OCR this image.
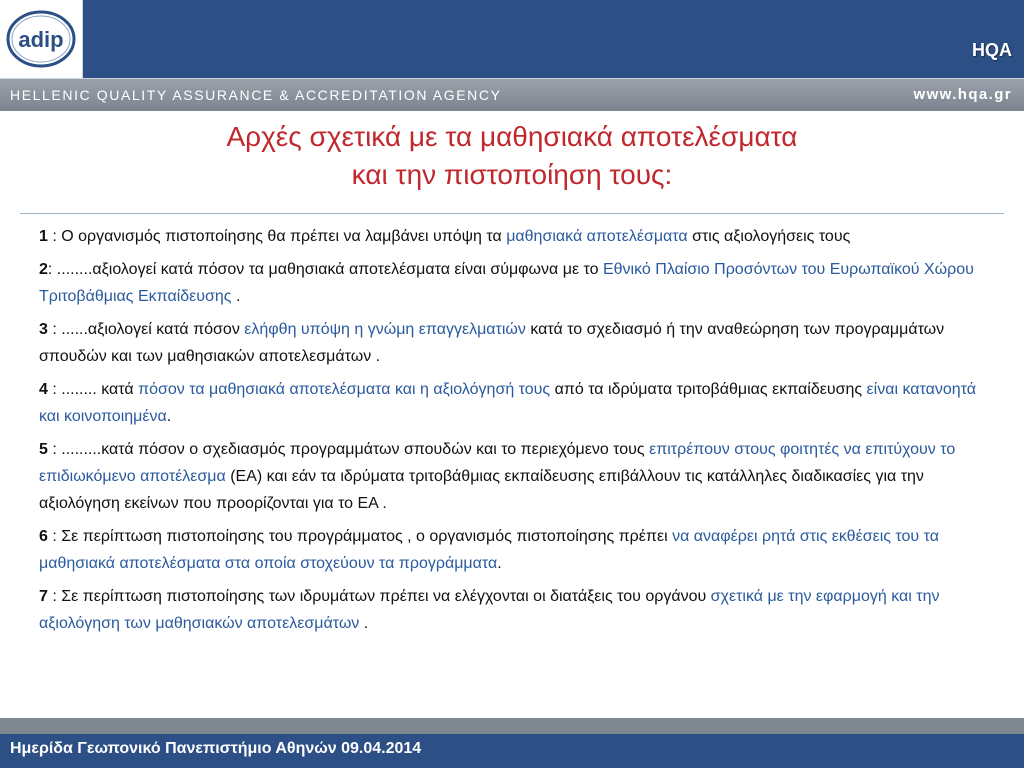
adip	HQA
HELLENIC QUALITY ASSURANCE & ACCREDITATION AGENCY	www.hqa.gr
Αρχές σχετικά με τα μαθησιακά αποτελέσματα
και την πιστοποίηση τους:

1 : Ο οργανισμός πιστοποίησης θα πρέπει να λαμβάνει υπόψη τα μαθησιακά αποτελέσματα στις αξιολογήσεις τους

2: ........αξιολογεί κατά πόσον τα μαθησιακά αποτελέσματα είναι σύμφωνα με το Εθνικό Πλαίσιο Προσόντων του Ευρωπαϊκού Χώρου Τριτοβάθμιας Εκπαίδευσης .

3 : ......αξιολογεί κατά πόσον ελήφθη υπόψη η γνώμη επαγγελματιών κατά το σχεδιασμό ή την αναθεώρηση των προγραμμάτων σπουδών και των μαθησιακών αποτελεσμάτων .

4 : ........ κατά πόσον τα μαθησιακά αποτελέσματα και η αξιολόγησή τους από τα ιδρύματα τριτοβάθμιας εκπαίδευσης είναι κατανοητά και κοινοποιημένα.

5 : .........κατά πόσον ο σχεδιασμός προγραμμάτων σπουδών και το περιεχόμενο τους επιτρέπουν στους φοιτητές να επιτύχουν το επιδιωκόμενο αποτέλεσμα (ΕΑ) και εάν τα ιδρύματα τριτοβάθμιας εκπαίδευσης επιβάλλουν τις κατάλληλες διαδικασίες για την αξιολόγηση εκείνων που προορίζονται για το ΕΑ .

6 : Σε περίπτωση πιστοποίησης του προγράμματος , ο οργανισμός πιστοποίησης πρέπει να αναφέρει ρητά στις εκθέσεις του τα μαθησιακά αποτελέσματα στα οποία στοχεύουν τα προγράμματα.

7 : Σε περίπτωση πιστοποίησης των ιδρυμάτων πρέπει να ελέγχονται οι διατάξεις του οργάνου σχετικά με την εφαρμογή και την αξιολόγηση των μαθησιακών αποτελεσμάτων .

Ημερίδα Γεωπονικό Πανεπιστήμιο Αθηνών 09.04.2014
